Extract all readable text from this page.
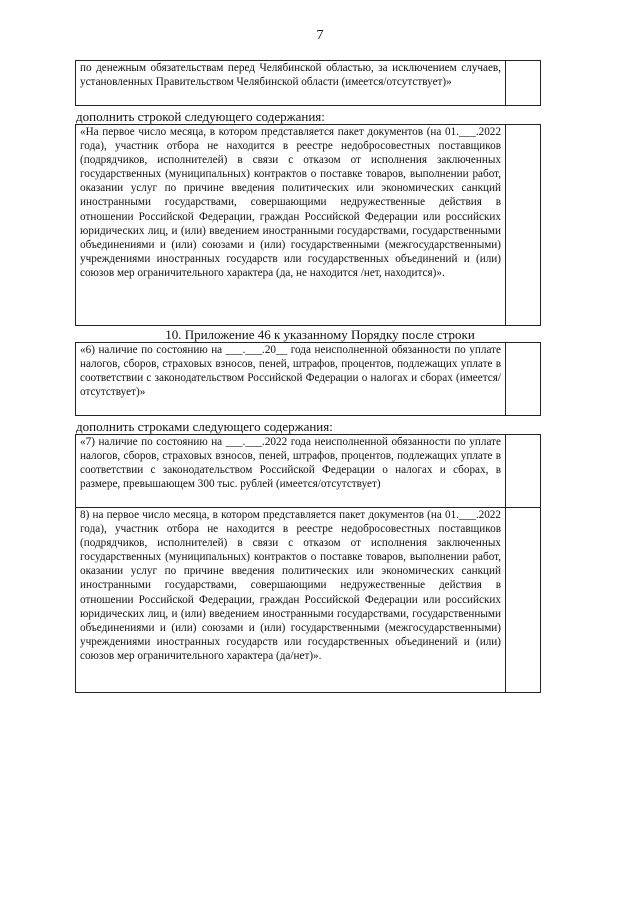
7
по денежным обязательствам перед Челябинской областью, за исключением случаев, установленных Правительством Челябинской области (имеется/отсутствует)»	
дополнить строкой следующего содержания:
«На первое число месяца, в котором представляется пакет документов (на 01.___.2022 года), участник отбора не находится в реестре недобросовестных поставщиков (подрядчиков, исполнителей) в связи с отказом от исполнения заключенных государственных (муниципальных) контрактов о поставке товаров, выполнении работ, оказании услуг по причине введения политических или экономических санкций иностранными государствами, совершающими недружественные действия в отношении Российской Федерации, граждан Российской Федерации или российских юридических лиц, и (или) введением иностранными государствами, государственными объединениями и (или) союзами и (или) государственными (межгосударственными) учреждениями иностранных государств или государственных объединений и (или) союзов мер ограничительного характера (да, не находится /нет, находится)».	
10. Приложение 46 к указанному Порядку после строки
«6) наличие по состоянию на ___.___.20__ года неисполненной обязанности по уплате налогов, сборов, страховых взносов, пеней, штрафов, процентов, подлежащих уплате в соответствии с законодательством Российской Федерации о налогах и сборах (имеется/отсутствует)»	
дополнить строками следующего содержания:
«7) наличие по состоянию на ___.___.2022 года неисполненной обязанности по уплате налогов, сборов, страховых взносов, пеней, штрафов, процентов, подлежащих уплате в соответствии с законодательством Российской Федерации о налогах и сборах, в размере, превышающем 300 тыс. рублей (имеется/отсутствует)	
8) на первое число месяца, в котором представляется пакет документов (на 01.___.2022 года), участник отбора не находится в реестре недобросовестных поставщиков (подрядчиков, исполнителей) в связи с отказом от исполнения заключенных государственных (муниципальных) контрактов о поставке товаров, выполнении работ, оказании услуг по причине введения политических или экономических санкций иностранными государствами, совершающими недружественные действия в отношении Российской Федерации, граждан Российской Федерации или российских юридических лиц, и (или) введением иностранными государствами, государственными объединениями и (или) союзами и (или) государственными (межгосударственными) учреждениями иностранных государств или государственных объединений и (или) союзов мер ограничительного характера (да/нет)».	
